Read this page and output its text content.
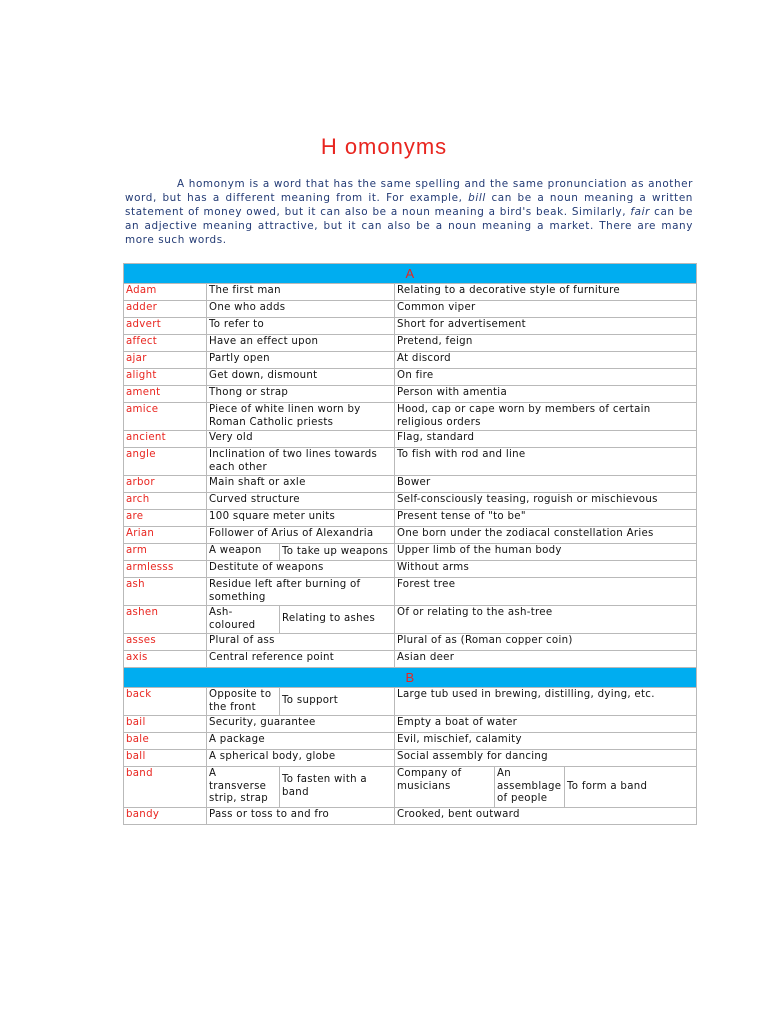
H omonyms
A homonym is a word that has the same spelling and the same pronunciation as another word, but has a different meaning from it. For example, bill can be a noun meaning a written statement of money owed, but it can also be a noun meaning a bird's beak. Similarly, fair can be an adjective meaning attractive, but it can also be a noun meaning a market. There are many more such words.
A					
Adam	The first man		Relating to a decorative style of furniture		
adder	One who adds		Common viper		
advert	To refer to		Short for advertisement		
affect	Have an effect upon		Pretend, feign		
ajar	Partly open		At discord		
alight	Get down, dismount		On fire		
ament	Thong or strap		Person with amentia		
amice	Piece of white linen worn by Roman Catholic priests		Hood, cap or cape worn by members of certain religious orders		
ancient	Very old		Flag, standard		
angle	Inclination of two lines towards each other		To fish with rod and line		
arbor	Main shaft or axle		Bower		
arch	Curved structure		Self-consciously teasing, roguish or mischievous		
are	100 square meter units		Present tense of "to be"		
Arian	Follower of Arius of Alexandria		One born under the zodiacal constellation Aries		
arm	A weapon	To take up weapons	Upper limb of the human body		
armlesss	Destitute of weapons		Without arms		
ash	Residue left after burning of something		Forest tree		
ashen	Ash-coloured	Relating to ashes	Of or relating to the ash-tree		
asses	Plural of ass		Plural of as (Roman copper coin)		
axis	Central reference point		Asian deer		
B					
back	Opposite to the front	To support	Large tub used in brewing, distilling, dying, etc.		
bail	Security, guarantee		Empty a boat of water		
bale	A package		Evil, mischief, calamity		
ball	A spherical body, globe		Social assembly for dancing		
band	A transverse strip, strap	To fasten with a band	Company of musicians	An assemblage of people	To form a band
bandy	Pass or toss to and fro		Crooked, bent outward		
